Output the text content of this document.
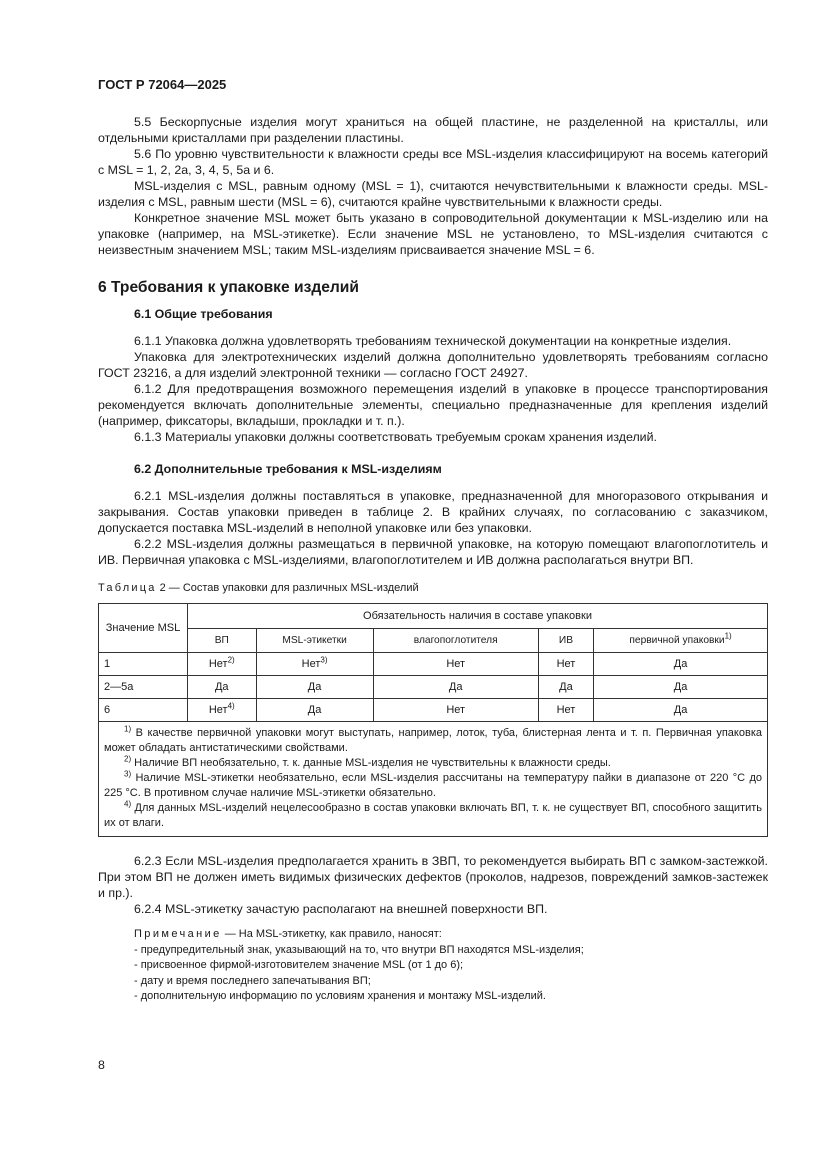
ГОСТ Р 72064—2025

5.5 Бескорпусные изделия могут храниться на общей пластине, не разделенной на кристаллы, или отдельными кристаллами при разделении пластины.

5.6 По уровню чувствительности к влажности среды все MSL-изделия классифицируют на восемь категорий с MSL = 1, 2, 2а, 3, 4, 5, 5а и 6.

MSL-изделия с MSL, равным одному (MSL = 1), считаются нечувствительными к влажности среды. MSL-изделия с MSL, равным шести (MSL = 6), считаются крайне чувствительными к влажности среды.

Конкретное значение MSL может быть указано в сопроводительной документации к MSL-изделию или на упаковке (например, на MSL-этикетке). Если значение MSL не установлено, то MSL-изделия считаются с неизвестным значением MSL; таким MSL-изделиям присваивается значение MSL = 6.

6 Требования к упаковке изделий
6.1 Общие требования

6.1.1 Упаковка должна удовлетворять требованиям технической документации на конкретные изделия.

Упаковка для электротехнических изделий должна дополнительно удовлетворять требованиям согласно ГОСТ 23216, а для изделий электронной техники — согласно ГОСТ 24927.

6.1.2 Для предотвращения возможного перемещения изделий в упаковке в процессе транспортирования рекомендуется включать дополнительные элементы, специально предназначенные для крепления изделий (например, фиксаторы, вкладыши, прокладки и т. п.).

6.1.3 Материалы упаковки должны соответствовать требуемым срокам хранения изделий.

6.2 Дополнительные требования к MSL-изделиям

6.2.1 MSL-изделия должны поставляться в упаковке, предназначенной для многоразового открывания и закрывания. Состав упаковки приведен в таблице 2. В крайних случаях, по согласованию с заказчиком, допускается поставка MSL-изделий в неполной упаковке или без упаковки.

6.2.2 MSL-изделия должны размещаться в первичной упаковке, на которую помещают влагопоглотитель и ИВ. Первичная упаковка с MSL-изделиями, влагопоглотителем и ИВ должна располагаться внутри ВП.

Таблица 2 — Состав упаковки для различных MSL-изделий
Значение MSL	Обязательность наличия в составе упаковки				
	ВП	MSL-этикетки	влагопоглотителя	ИВ	первичной упаковки$^{1)}$
1	Нет$^{2)}$	Нет$^{3)}$	Нет	Нет	Да
2—5а	Да	Да	Да	Да	Да
6	Нет$^{4)}$	Да	Нет	Нет	Да

$^{1)}$ В качестве первичной упаковки могут выступать, например, лоток, туба, блистерная лента и т. п. Первичная упаковка может обладать антистатическими свойствами.

$^{2)}$ Наличие ВП необязательно, т. к. данные MSL-изделия не чувствительны к влажности среды.

$^{3)}$ Наличие MSL-этикетки необязательно, если MSL-изделия рассчитаны на температуру пайки в диапазоне от 220 °С до 225 °С. В противном случае наличие MSL-этикетки обязательно.

$^{4)}$ Для данных MSL-изделий нецелесообразно в состав упаковки включать ВП, т. к. не существует ВП, способного защитить их от влаги.					

6.2.3 Если MSL-изделия предполагается хранить в ЗВП, то рекомендуется выбирать ВП с замком-застежкой. При этом ВП не должен иметь видимых физических дефектов (проколов, надрезов, повреждений замков-застежек и пр.).

6.2.4 MSL-этикетку зачастую располагают на внешней поверхности ВП.

Примечание — На MSL-этикетку, как правило, наносят:
- предупредительный знак, указывающий на то, что внутри ВП находятся MSL-изделия;
- присвоенное фирмой-изготовителем значение MSL (от 1 до 6);
- дату и время последнего запечатывания ВП;
- дополнительную информацию по условиям хранения и монтажу MSL-изделий.
8
